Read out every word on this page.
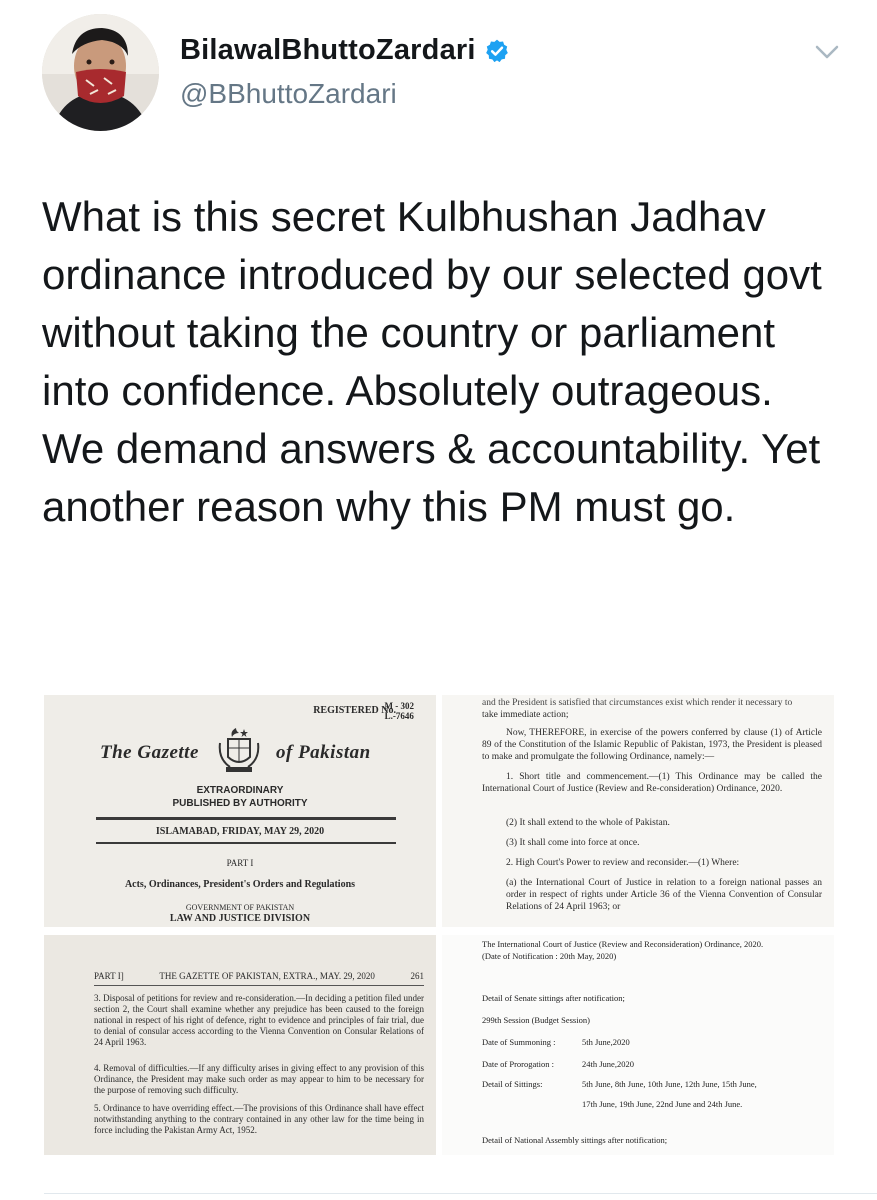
BilawalBhuttoZardari
@BBhuttoZardari
What is this secret Kulbhushan Jadhav ordinance introduced by our selected govt without taking the country or parliament into confidence. Absolutely outrageous. We demand answers & accountability. Yet another reason why this PM must go.
REGISTERED No.
M - 302
L.-7646
The Gazette	of Pakistan
EXTRAORDINARY
PUBLISHED BY AUTHORITY
ISLAMABAD, FRIDAY, MAY 29, 2020
PART I
Acts, Ordinances, President's Orders and Regulations
GOVERNMENT OF PAKISTAN
LAW AND JUSTICE DIVISION
PART I]	THE GAZETTE OF PAKISTAN, EXTRA., MAY. 29, 2020	261
3. Disposal of petitions for review and re-consideration.—In deciding a petition filed under section 2, the Court shall examine whether any prejudice has been caused to the foreign national in respect of his right of defence, right to evidence and principles of fair trial, due to denial of consular access according to the Vienna Convention on Consular Relations of 24 April 1963.
4. Removal of difficulties.—If any difficulty arises in giving effect to any provision of this Ordinance, the President may make such order as may appear to him to be necessary for the purpose of removing such difficulty.
5. Ordinance to have overriding effect.—The provisions of this Ordinance shall have effect notwithstanding anything to the contrary contained in any other law for the time being in force including the Pakistan Army Act, 1952.
and the President is satisfied that circumstances exist which render it necessary to
take immediate action;
Now, THEREFORE, in exercise of the powers conferred by clause (1) of Article 89 of the Constitution of the Islamic Republic of Pakistan, 1973, the President is pleased to make and promulgate the following Ordinance, namely:—
1. Short title and commencement.—(1) This Ordinance may be called the International Court of Justice (Review and Re-consideration) Ordinance, 2020.
(2) It shall extend to the whole of Pakistan.
(3) It shall come into force at once.
2. High Court's Power to review and reconsider.—(1) Where:
(a) the International Court of Justice in relation to a foreign national passes an order in respect of rights under Article 36 of the Vienna Convention of Consular Relations of 24 April 1963; or
The International Court of Justice (Review and Reconsideration) Ordinance, 2020.
(Date of Notification : 20th May, 2020)
Detail of Senate sittings after notification;
299th Session (Budget Session)
Date of Summoning :	5th June,2020
Date of Prorogation :	24th June,2020
Detail of Sittings:	5th June, 8th June, 10th June, 12th June, 15th June,
17th June, 19th June, 22nd June and 24th June.
Detail of National Assembly sittings after notification;
